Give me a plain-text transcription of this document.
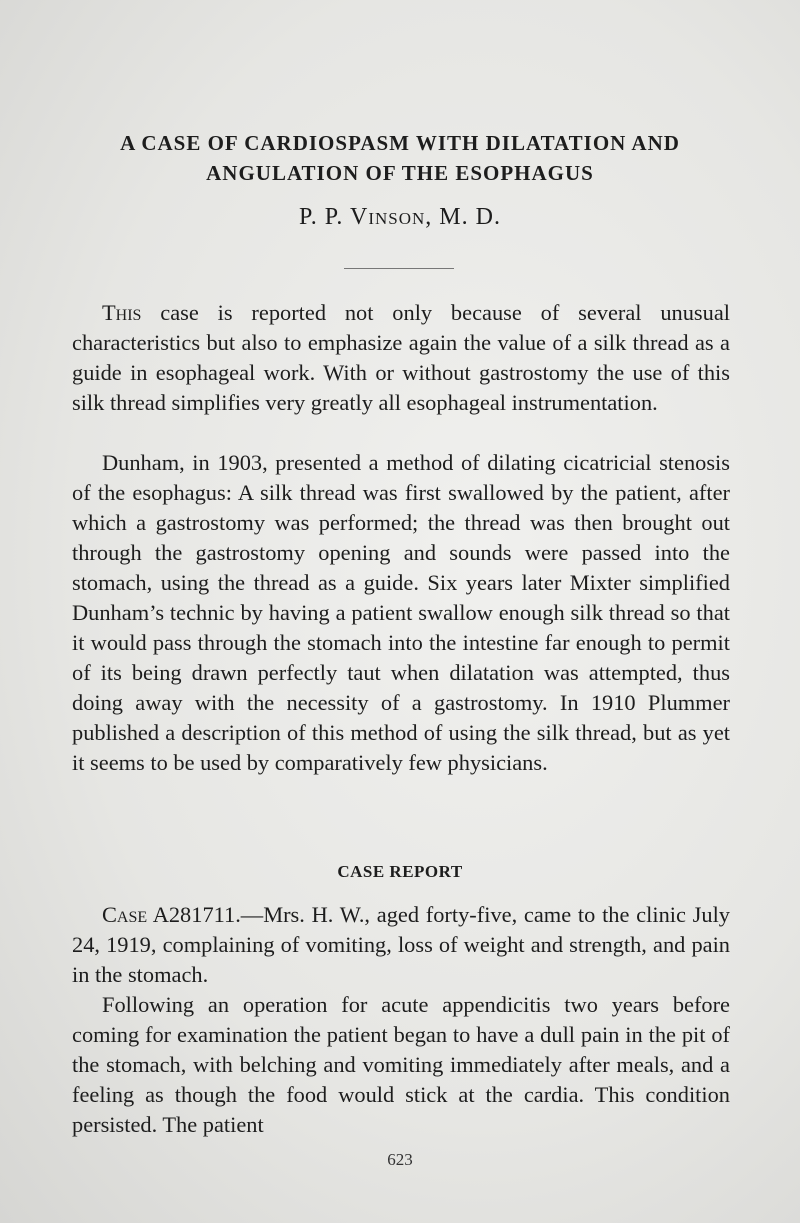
A CASE OF CARDIOSPASM WITH DILATATION AND
ANGULATION OF THE ESOPHAGUS

P. P. Vinson, M. D.

This case is reported not only because of several unusual characteristics but also to emphasize again the value of a silk thread as a guide in esophageal work. With or without gastrostomy the use of this silk thread simplifies very greatly all esophageal instrumentation.

Dunham, in 1903, presented a method of dilating cicatricial stenosis of the esophagus: A silk thread was first swallowed by the patient, after which a gastrostomy was performed; the thread was then brought out through the gastrostomy opening and sounds were passed into the stomach, using the thread as a guide. Six years later Mixter simplified Dunham’s technic by having a patient swallow enough silk thread so that it would pass through the stomach into the intestine far enough to permit of its being drawn perfectly taut when dilatation was attempted, thus doing away with the necessity of a gastrostomy. In 1910 Plummer published a description of this method of using the silk thread, but as yet it seems to be used by comparatively few physicians.

CASE REPORT

Case A281711.—Mrs. H. W., aged forty-five, came to the clinic July 24, 1919, complaining of vomiting, loss of weight and strength, and pain in the stomach.

Following an operation for acute appendicitis two years before coming for examination the patient began to have a dull pain in the pit of the stomach, with belching and vomiting immediately after meals, and a feeling as though the food would stick at the cardia. This condition persisted. The patient

623
